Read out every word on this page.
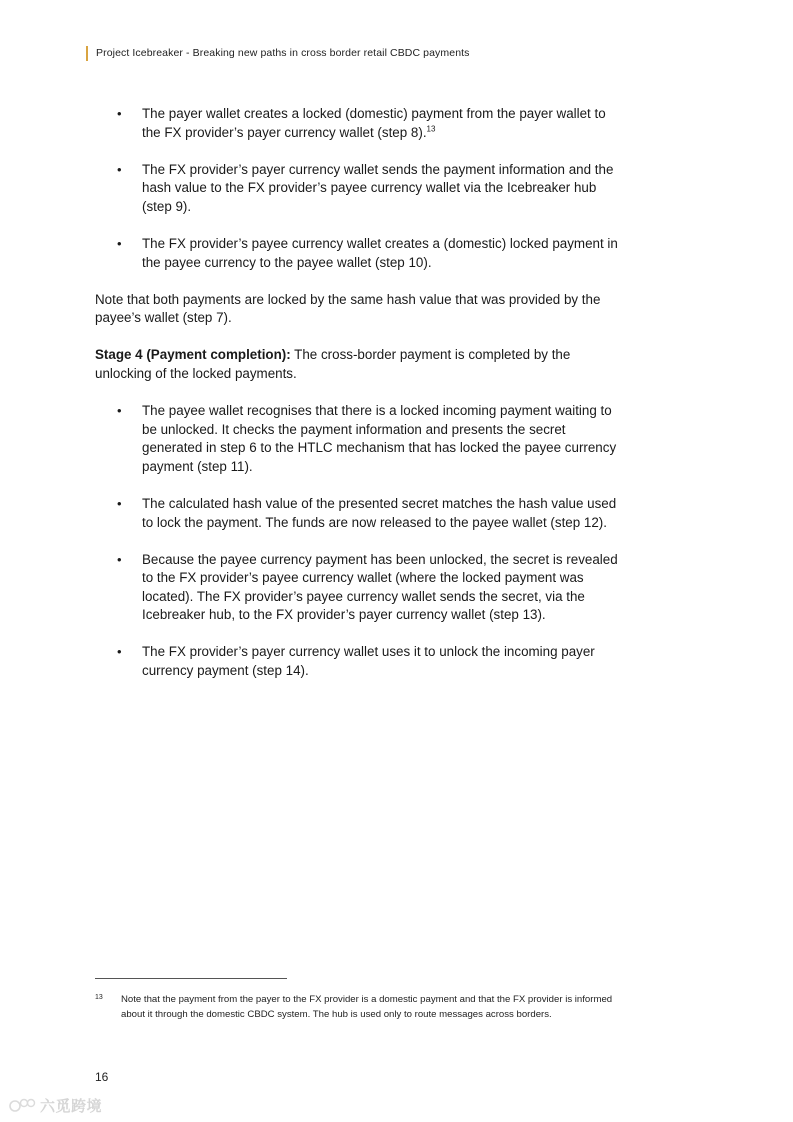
Project Icebreaker - Breaking new paths in cross border retail CBDC payments
• The payer wallet creates a locked (domestic) payment from the payer wallet to the FX provider’s payer currency wallet (step 8).$^{13}$
• The FX provider’s payer currency wallet sends the payment information and the hash value to the FX provider’s payee currency wallet via the Icebreaker hub (step 9).
• The FX provider’s payee currency wallet creates a (domestic) locked payment in the payee currency to the payee wallet (step 10).

Note that both payments are locked by the same hash value that was provided by the payee’s wallet (step 7).

Stage 4 (Payment completion): The cross-border payment is completed by the unlocking of the locked payments.

• The payee wallet recognises that there is a locked incoming payment waiting to be unlocked. It checks the payment information and presents the secret generated in step 6 to the HTLC mechanism that has locked the payee currency payment (step 11).
• The calculated hash value of the presented secret matches the hash value used to lock the payment. The funds are now released to the payee wallet (step 12).
• Because the payee currency payment has been unlocked, the secret is revealed to the FX provider’s payee currency wallet (where the locked payment was located). The FX provider’s payee currency wallet sends the secret, via the Icebreaker hub, to the FX provider’s payer currency wallet (step 13).
• The FX provider’s payer currency wallet uses it to unlock the incoming payer currency payment (step 14).
13	Note that the payment from the payer to the FX provider is a domestic payment and that the FX provider is informed about it through the domestic CBDC system. The hub is used only to route messages across borders.
16
六觅跨境
